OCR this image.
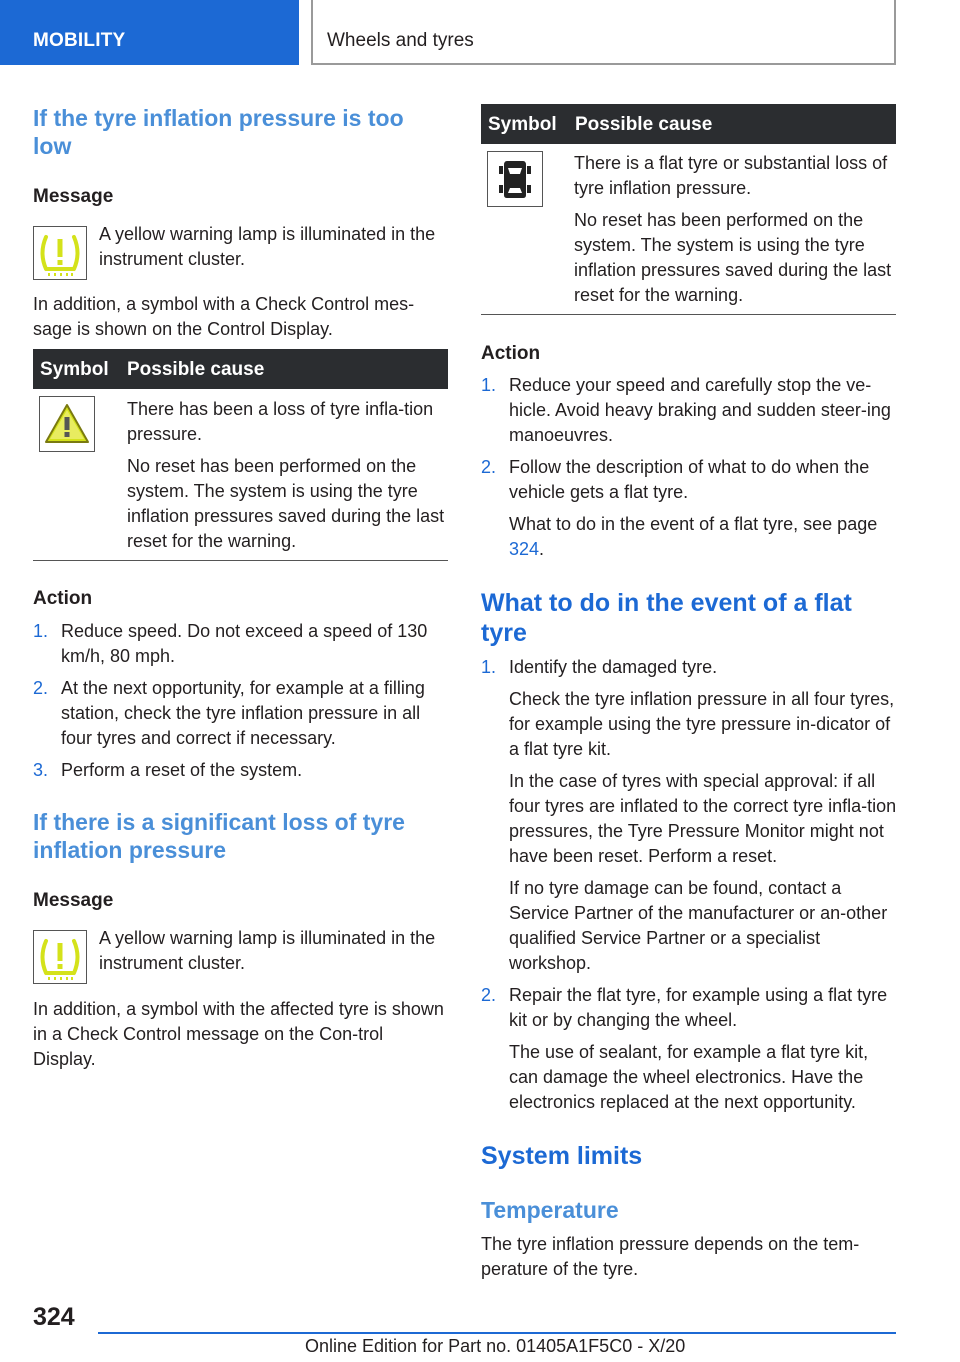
MOBILITY	Wheels and tyres
If the tyre inflation pressure is too low
Message
A yellow warning lamp is illuminated in the instrument cluster.
In addition, a symbol with a Check Control mes-sage is shown on the Control Display.
Symbol Possible cause
There has been a loss of tyre infla-tion pressure.
No reset has been performed on the system. The system is using the tyre inflation pressures saved during the last reset for the warning.
Action
1. Reduce speed. Do not exceed a speed of 130 km/h, 80 mph.
2. At the next opportunity, for example at a filling station, check the tyre inflation pressure in all four tyres and correct if necessary.
3. Perform a reset of the system.
If there is a significant loss of tyre inflation pressure
Message
A yellow warning lamp is illuminated in the instrument cluster.
In addition, a symbol with the affected tyre is shown in a Check Control message on the Con-trol Display.
Symbol Possible cause
There is a flat tyre or substantial loss of tyre inflation pressure.
No reset has been performed on the system. The system is using the tyre inflation pressures saved during the last reset for the warning.
Action
1. Reduce your speed and carefully stop the ve-hicle. Avoid heavy braking and sudden steer-ing manoeuvres.
2. Follow the description of what to do when the vehicle gets a flat tyre.
What to do in the event of a flat tyre, see page 324.
What to do in the event of a flat tyre
1. Identify the damaged tyre.
Check the tyre inflation pressure in all four tyres, for example using the tyre pressure in-dicator of a flat tyre kit.
In the case of tyres with special approval: if all four tyres are inflated to the correct tyre infla-tion pressures, the Tyre Pressure Monitor might not have been reset. Perform a reset.
If no tyre damage can be found, contact a Service Partner of the manufacturer or an-other qualified Service Partner or a specialist workshop.
2. Repair the flat tyre, for example using a flat tyre kit or by changing the wheel.
The use of sealant, for example a flat tyre kit, can damage the wheel electronics. Have the electronics replaced at the next opportunity.
System limits
Temperature
The tyre inflation pressure depends on the tem-perature of the tyre.
324
Online Edition for Part no. 01405A1F5C0 - X/20
